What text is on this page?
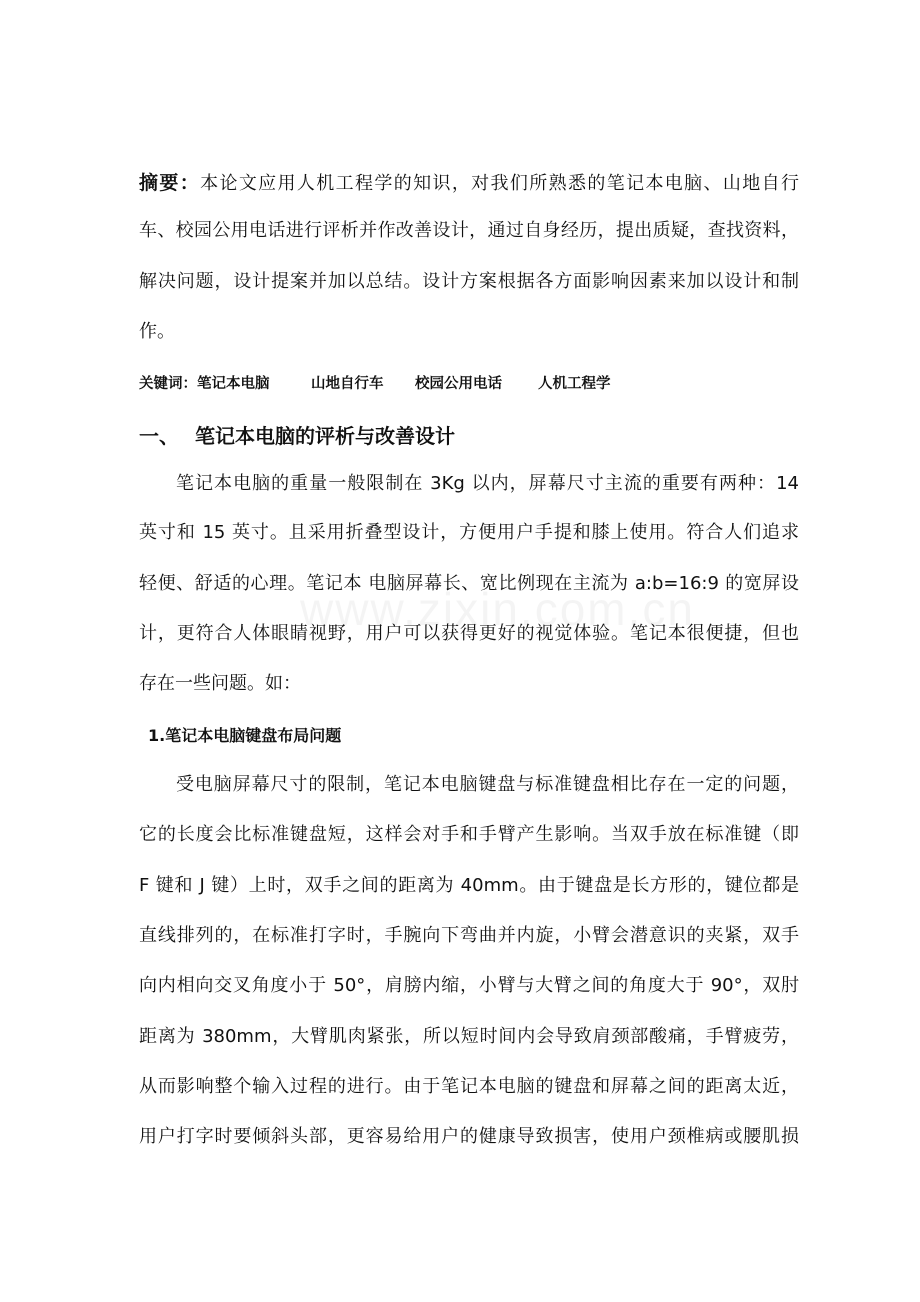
摘要：本论文应用人机工程学的知识，对我们所熟悉的笔记本电脑、山地自行
车、校园公用电话进行评析并作改善设计，通过自身经历，提出质疑，查找资料，
解决问题，设计提案并加以总结。设计方案根据各方面影响因素来加以设计和制
作。
关键词：笔记本电脑	山地自行车 校园公用电话 人机工程学
一、 笔记本电脑的评析与改善设计
笔记本电脑的重量一般限制在 3Kg 以内，屏幕尺寸主流的重要有两种：14
英寸和 15 英寸。且采用折叠型设计，方便用户手提和膝上使用。符合人们追求
轻便、舒适的心理。笔记本 电脑屏幕长、宽比例现在主流为 a:b=16:9 的宽屏设
计，更符合人体眼睛视野，用户可以获得更好的视觉体验。笔记本很便捷，但也
存在一些问题。如：
1.笔记本电脑键盘布局问题
受电脑屏幕尺寸的限制，笔记本电脑键盘与标准键盘相比存在一定的问题，
它的长度会比标准键盘短，这样会对手和手臂产生影响。当双手放在标准键（即
F 键和 J 键）上时，双手之间的距离为 40mm。由于键盘是长方形的，键位都是
直线排列的，在标准打字时，手腕向下弯曲并内旋，小臂会潜意识的夹紧，双手
向内相向交叉角度小于 50°，肩膀内缩，小臂与大臂之间的角度大于 90°，双肘
距离为 380mm，大臂肌肉紧张，所以短时间内会导致肩颈部酸痛，手臂疲劳，
从而影响整个输入过程的进行。由于笔记本电脑的键盘和屏幕之间的距离太近，
用户打字时要倾斜头部，更容易给用户的健康导致损害，使用户颈椎病或腰肌损
